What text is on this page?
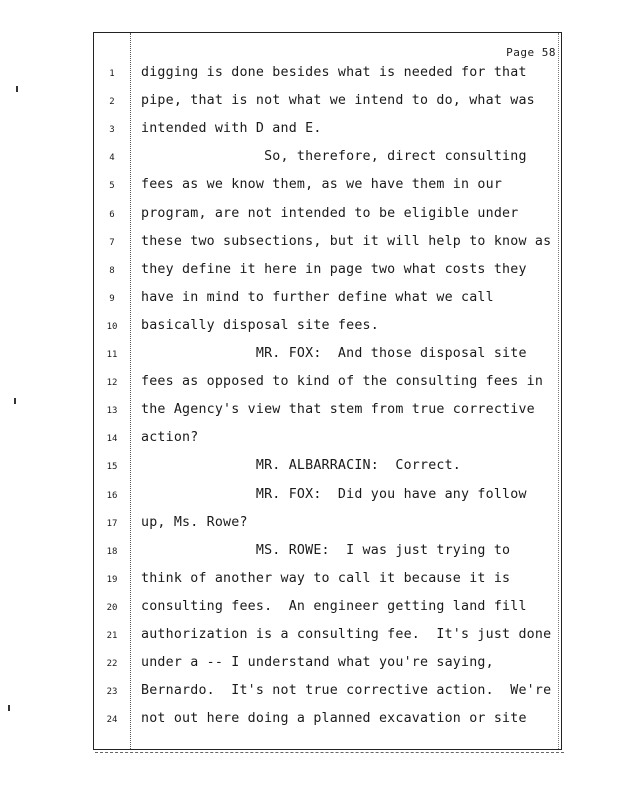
Page 58
1	digging is done besides what is needed for that
2	pipe, that is not what we intend to do, what was
3	intended with D and E.
4	So, therefore, direct consulting
5	fees as we know them, as we have them in our
6	program, are not intended to be eligible under
7	these two subsections, but it will help to know as
8	they define it here in page two what costs they
9	have in mind to further define what we call
10	basically disposal site fees.
11	MR. FOX:  And those disposal site
12	fees as opposed to kind of the consulting fees in
13	the Agency's view that stem from true corrective
14	action?
15	MR. ALBARRACIN:  Correct.
16	MR. FOX:  Did you have any follow
17	up, Ms. Rowe?
18	MS. ROWE:  I was just trying to
19	think of another way to call it because it is
20	consulting fees.  An engineer getting land fill
21	authorization is a consulting fee.  It's just done
22	under a -- I understand what you're saying,
23	Bernardo.  It's not true corrective action.  We're
24	not out here doing a planned excavation or site
